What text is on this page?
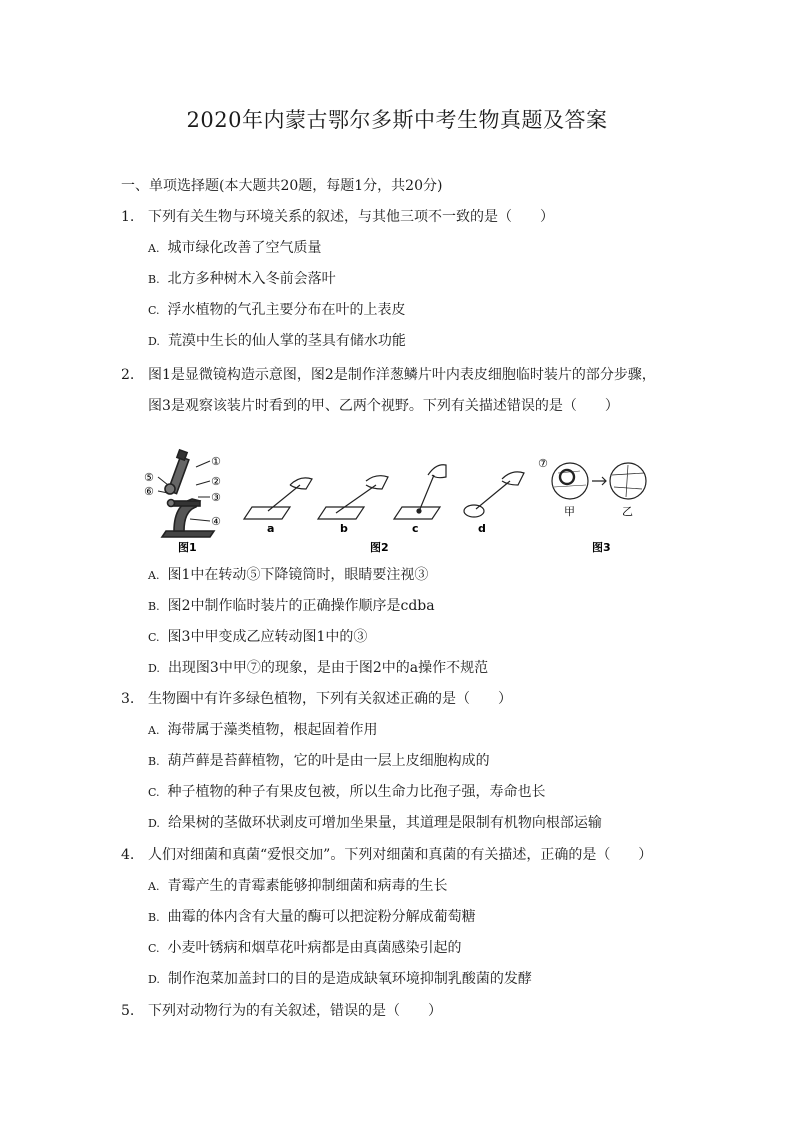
2020年内蒙古鄂尔多斯中考生物真题及答案
一、单项选择题(本大题共20题，每题1分，共20分)
1. 下列有关生物与环境关系的叙述，与其他三项不一致的是（　　）
A. 城市绿化改善了空气质量
B. 北方多种树木入冬前会落叶
C. 浮水植物的气孔主要分布在叶的上表皮
D. 荒漠中生长的仙人掌的茎具有储水功能
2. 图1是显微镜构造示意图，图2是制作洋葱鳞片叶内表皮细胞临时装片的部分步骤，
图3是观察该装片时看到的甲、乙两个视野。下列有关描述错误的是（　　）
①
②
③
④
⑤
⑥
图1
a	b	c	d
图2
⑦
甲	乙
图3
A. 图1中在转动⑤下降镜筒时，眼睛要注视③
B. 图2中制作临时装片的正确操作顺序是cdba
C. 图3中甲变成乙应转动图1中的③
D. 出现图3中甲⑦的现象，是由于图2中的a操作不规范
3. 生物圈中有许多绿色植物，下列有关叙述正确的是（　　）
A. 海带属于藻类植物，根起固着作用
B. 葫芦藓是苔藓植物，它的叶是由一层上皮细胞构成的
C. 种子植物的种子有果皮包被，所以生命力比孢子强，寿命也长
D. 给果树的茎做环状剥皮可增加坐果量，其道理是限制有机物向根部运输
4. 人们对细菌和真菌“爱恨交加”。下列对细菌和真菌的有关描述，正确的是（　　）
A. 青霉产生的青霉素能够抑制细菌和病毒的生长
B. 曲霉的体内含有大量的酶可以把淀粉分解成葡萄糖
C. 小麦叶锈病和烟草花叶病都是由真菌感染引起的
D. 制作泡菜加盖封口的目的是造成缺氧环境抑制乳酸菌的发酵
5. 下列对动物行为的有关叙述，错误的是（　　）
